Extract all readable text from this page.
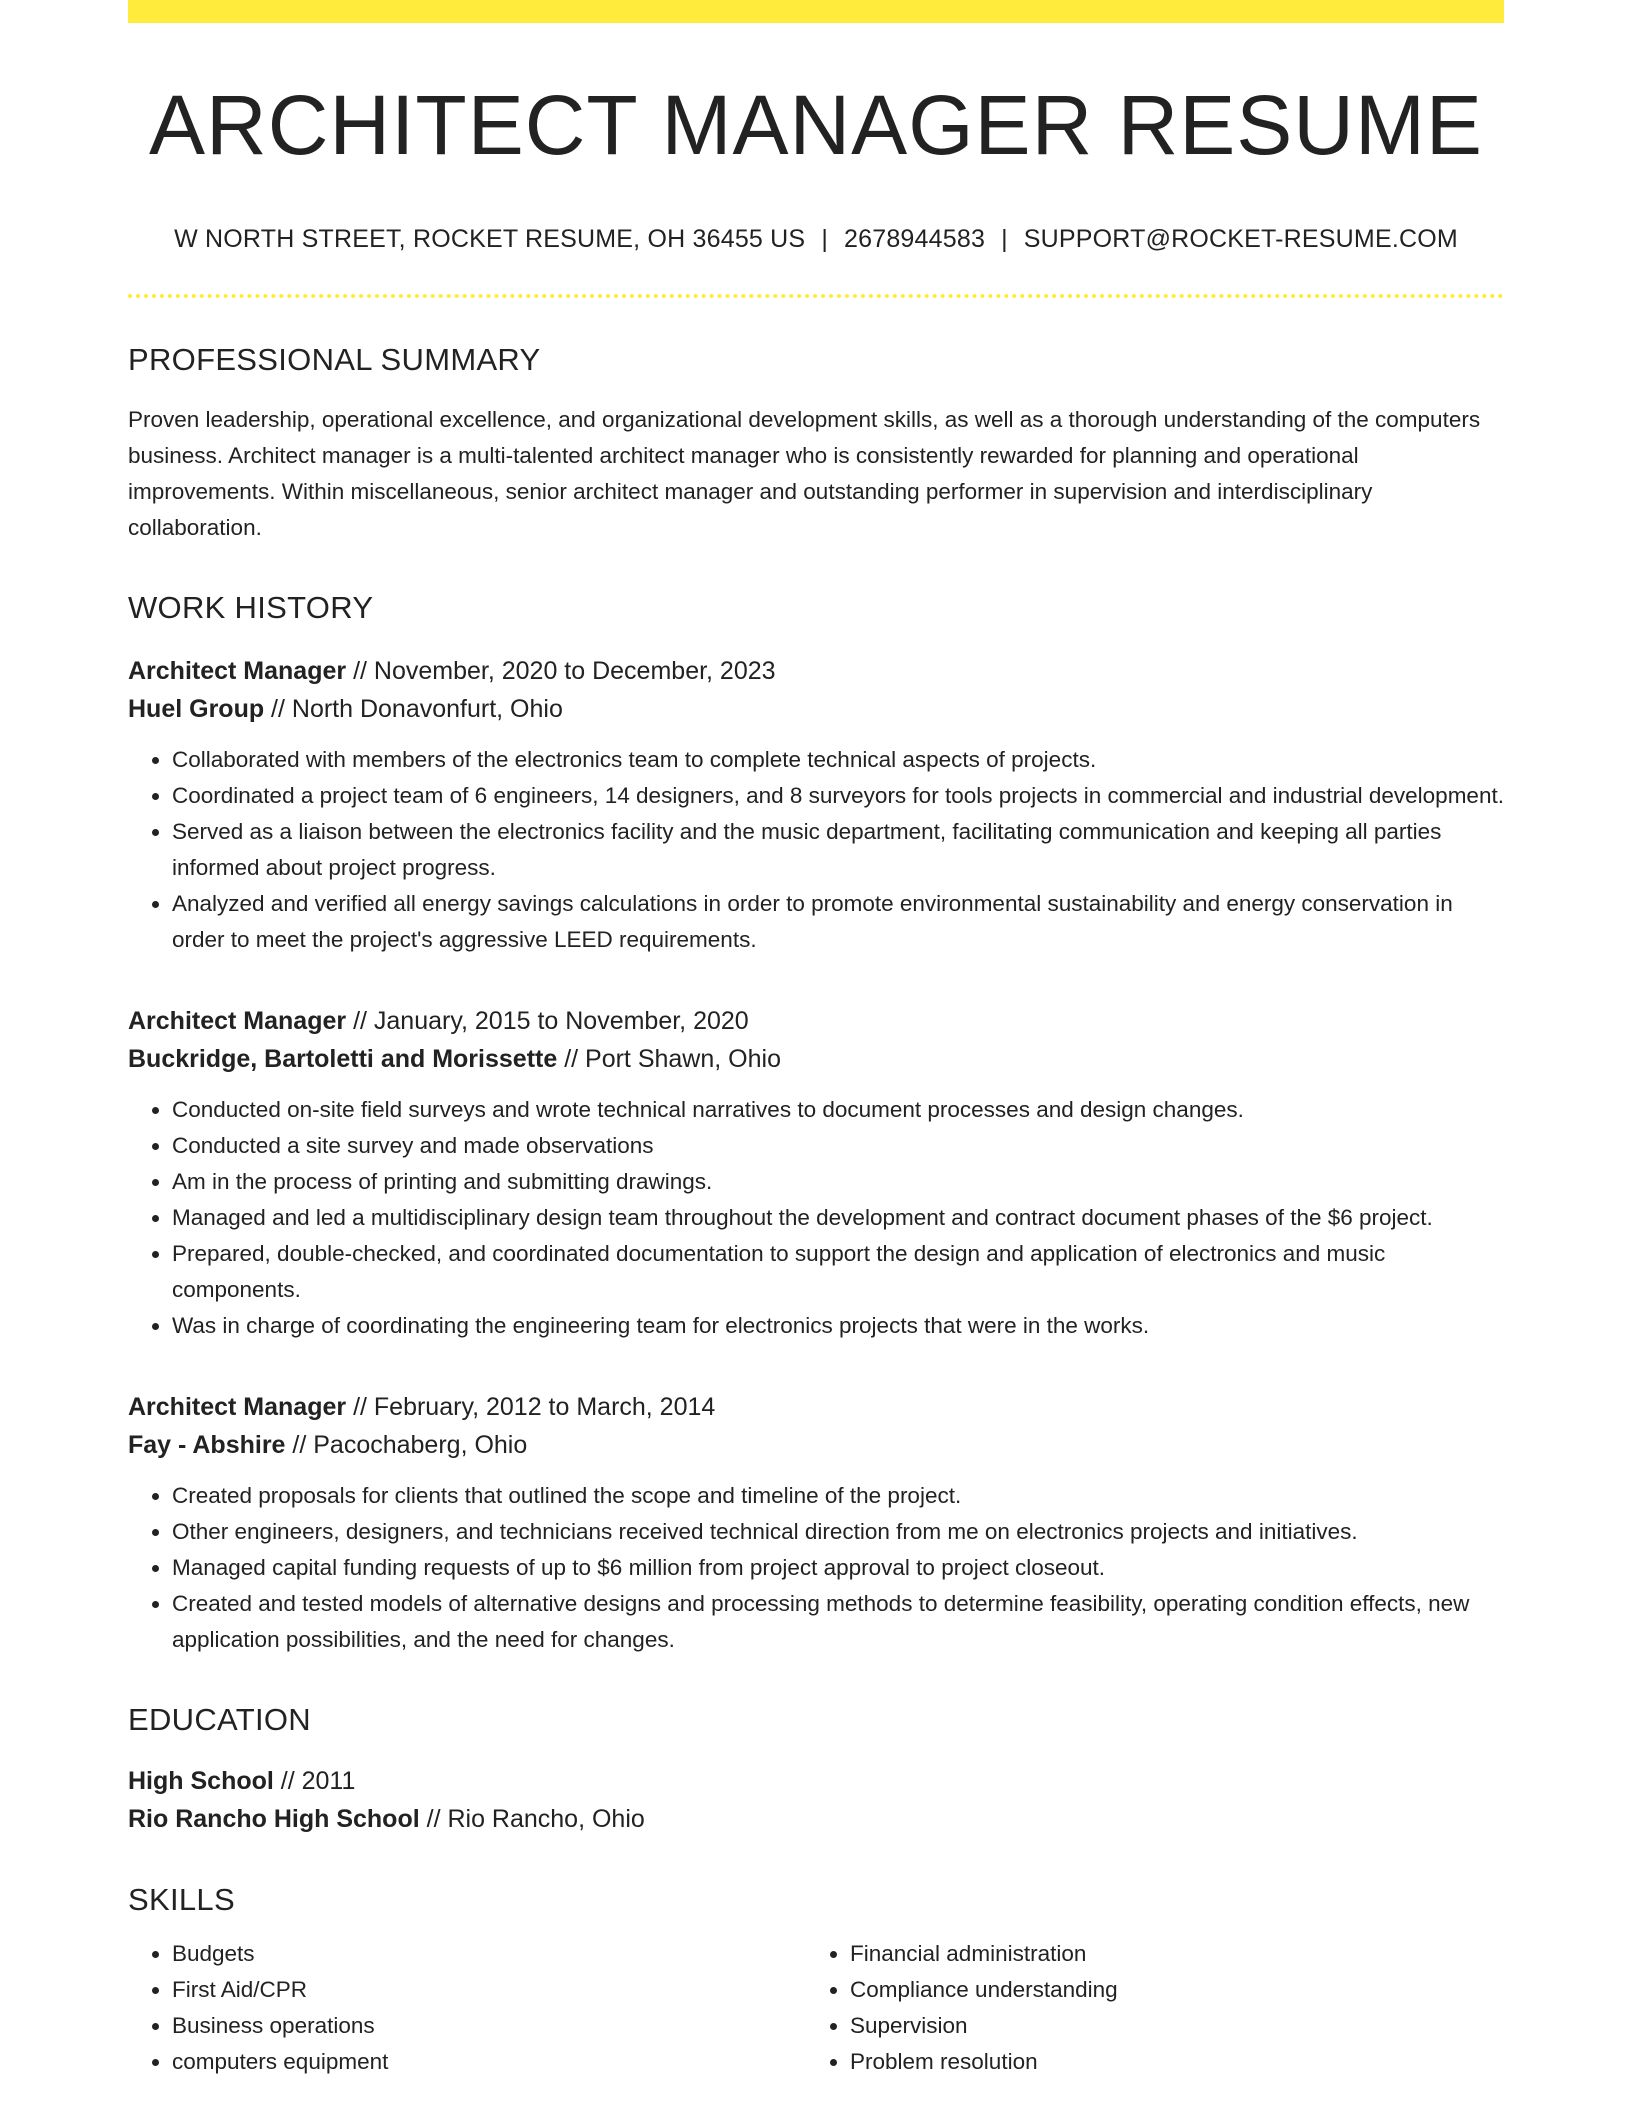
ARCHITECT MANAGER RESUME
W NORTH STREET, ROCKET RESUME, OH 36455 US | 2678944583 | SUPPORT@ROCKET-RESUME.COM
PROFESSIONAL SUMMARY

Proven leadership, operational excellence, and organizational development skills, as well as a thorough understanding of the computers business. Architect manager is a multi-talented architect manager who is consistently rewarded for planning and operational improvements. Within miscellaneous, senior architect manager and outstanding performer in supervision and interdisciplinary collaboration.

WORK HISTORY
Architect Manager // November, 2020 to December, 2023
Huel Group // North Donavonfurt, Ohio
• Collaborated with members of the electronics team to complete technical aspects of projects.
• Coordinated a project team of 6 engineers, 14 designers, and 8 surveyors for tools projects in commercial and industrial development.
• Served as a liaison between the electronics facility and the music department, facilitating communication and keeping all parties informed about project progress.
• Analyzed and verified all energy savings calculations in order to promote environmental sustainability and energy conservation in order to meet the project's aggressive LEED requirements.
Architect Manager // January, 2015 to November, 2020
Buckridge, Bartoletti and Morissette // Port Shawn, Ohio
• Conducted on-site field surveys and wrote technical narratives to document processes and design changes.
• Conducted a site survey and made observations
• Am in the process of printing and submitting drawings.
• Managed and led a multidisciplinary design team throughout the development and contract document phases of the $6 project.
• Prepared, double-checked, and coordinated documentation to support the design and application of electronics and music components.
• Was in charge of coordinating the engineering team for electronics projects that were in the works.
Architect Manager // February, 2012 to March, 2014
Fay - Abshire // Pacochaberg, Ohio
• Created proposals for clients that outlined the scope and timeline of the project.
• Other engineers, designers, and technicians received technical direction from me on electronics projects and initiatives.
• Managed capital funding requests of up to $6 million from project approval to project closeout.
• Created and tested models of alternative designs and processing methods to determine feasibility, operating condition effects, new application possibilities, and the need for changes.
EDUCATION
High School // 2011
Rio Rancho High School // Rio Rancho, Ohio
SKILLS
• Budgets
• First Aid/CPR
• Business operations
• computers equipment
• Financial administration
• Compliance understanding
• Supervision
• Problem resolution
